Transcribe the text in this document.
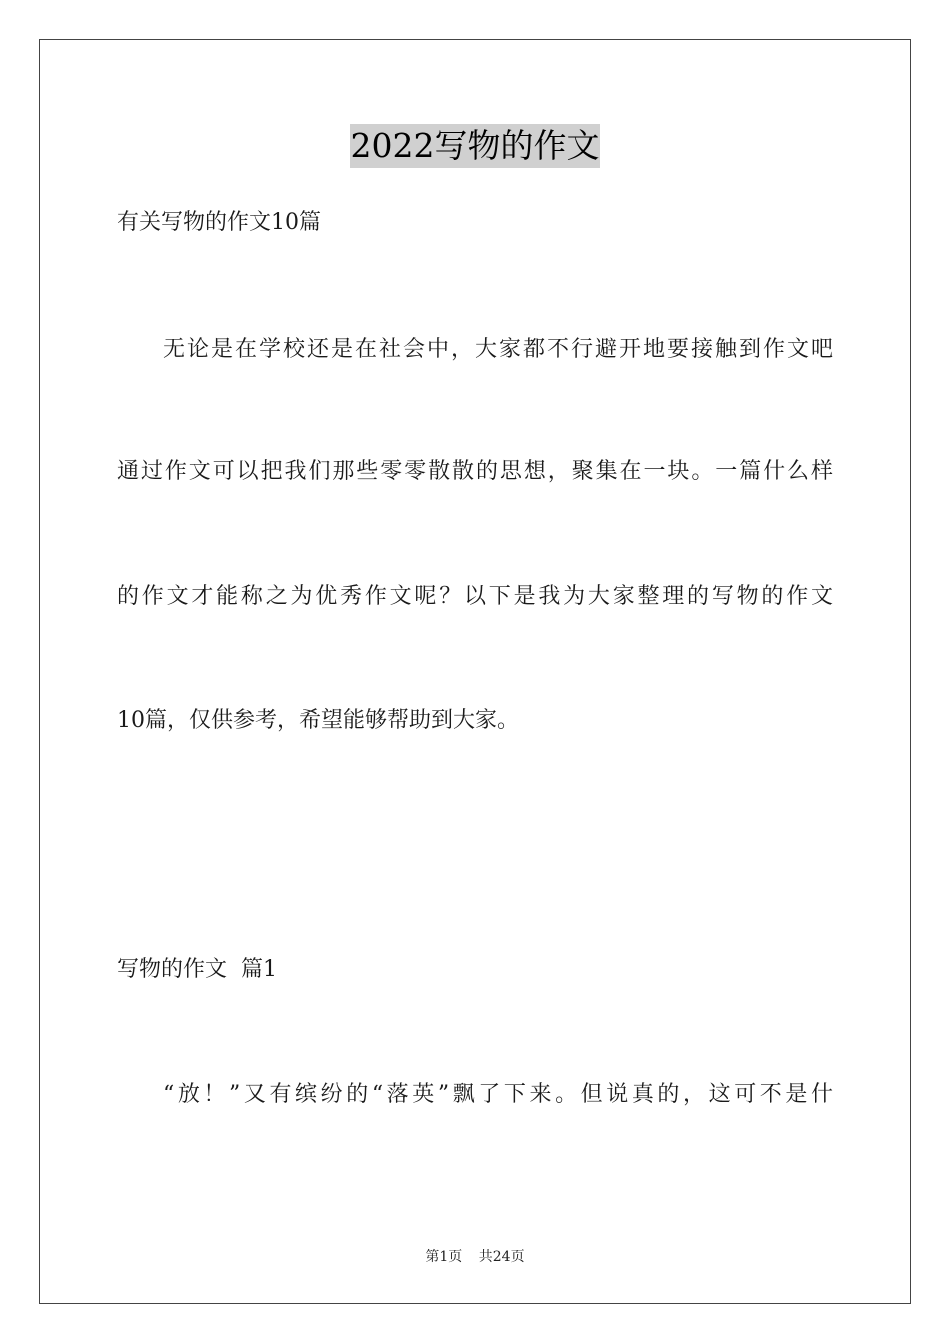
2022写物的作文
有关写物的作文10篇
无论是在学校还是在社会中，大家都不行避开地要接触到作文吧
通过作文可以把我们那些零零散散的思想，聚集在一块。一篇什么样
的作文才能称之为优秀作文呢？以下是我为大家整理的写物的作文
10篇，仅供参考，希望能够帮助到大家。
写物的作文  篇1
“放！”又有缤纷的“落英”飘了下来。但说真的，这可不是什
第1页 共24页
